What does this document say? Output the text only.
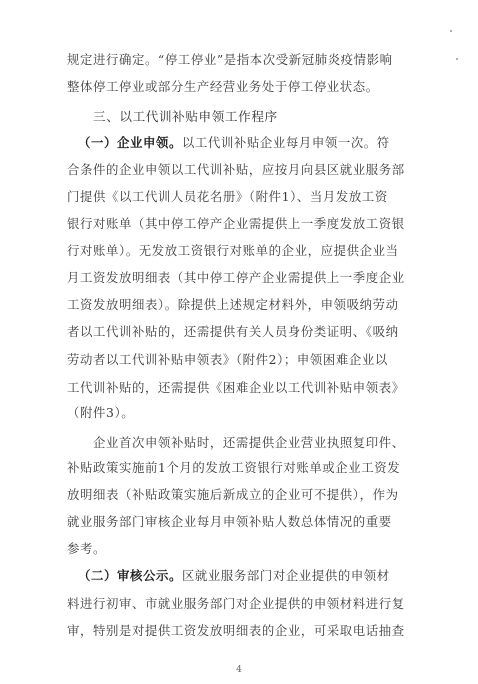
规定进行确定。“停工停业”是指本次受新冠肺炎疫情影响
整体停工停业或部分生产经营业务处于停工停业状态。
三、以工代训补贴申领工作程序
（一）企业申领。以工代训补贴企业每月申领一次。符
合条件的企业申领以工代训补贴，应按月向县区就业服务部
门提供《以工代训人员花名册》（附件1）、当月发放工资
银行对账单（其中停工停产企业需提供上一季度发放工资银
行对账单）。无发放工资银行对账单的企业，应提供企业当
月工资发放明细表（其中停工停产企业需提供上一季度企业
工资发放明细表）。除提供上述规定材料外，申领吸纳劳动
者以工代训补贴的，还需提供有关人员身份类证明、《吸纳
劳动者以工代训补贴申领表》（附件2）；申领困难企业以
工代训补贴的，还需提供《困难企业以工代训补贴申领表》
（附件3）。
企业首次申领补贴时，还需提供企业营业执照复印件、
补贴政策实施前1个月的发放工资银行对账单或企业工资发
放明细表（补贴政策实施后新成立的企业可不提供），作为
就业服务部门审核企业每月申领补贴人数总体情况的重要
参考。
（二）审核公示。区就业服务部门对企业提供的申领材
料进行初审、市就业服务部门对企业提供的申领材料进行复
审，特别是对提供工资发放明细表的企业，可采取电话抽查
4
